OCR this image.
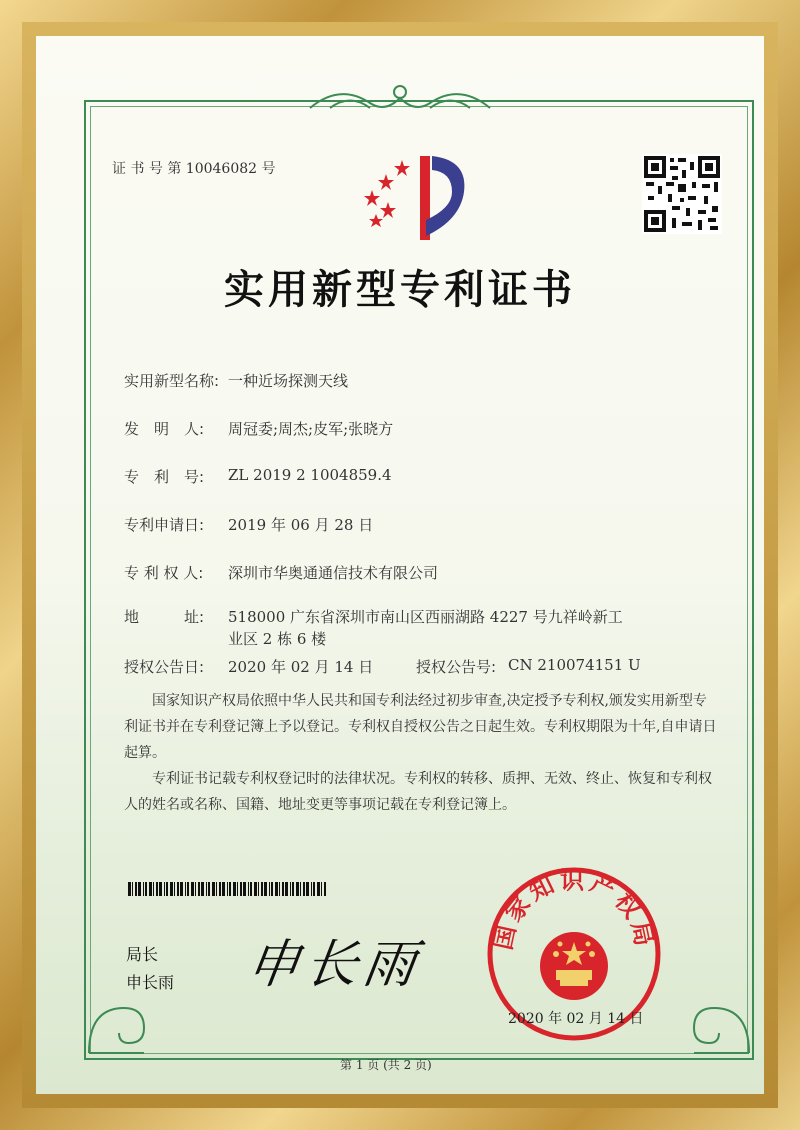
证 书 号 第 10046082 号
实用新型专利证书
实用新型名称: 一种近场探测天线
发　明　人: 周冠委;周杰;皮军;张晓方
专　利　号: ZL 2019 2 1004859.4
专利申请日: 2019 年 06 月 28 日
专 利 权 人: 深圳市华奥通通信技术有限公司
地　　　址: 518000 广东省深圳市南山区西丽湖路 4227 号九祥岭新工
业区 2 栋 6 楼
授权公告日: 2020 年 02 月 14 日	授权公告号: CN 210074151 U
国家知识产权局依照中华人民共和国专利法经过初步审查,决定授予专利权,颁发实用新型专利证书并在专利登记簿上予以登记。专利权自授权公告之日起生效。专利权期限为十年,自申请日起算。
专利证书记载专利权登记时的法律状况。专利权的转移、质押、无效、终止、恢复和专利权人的姓名或名称、国籍、地址变更等事项记载在专利登记簿上。
局长
申长雨 申长雨	国家知识产权局
2020 年 02 月 14 日
第 1 页 (共 2 页)
